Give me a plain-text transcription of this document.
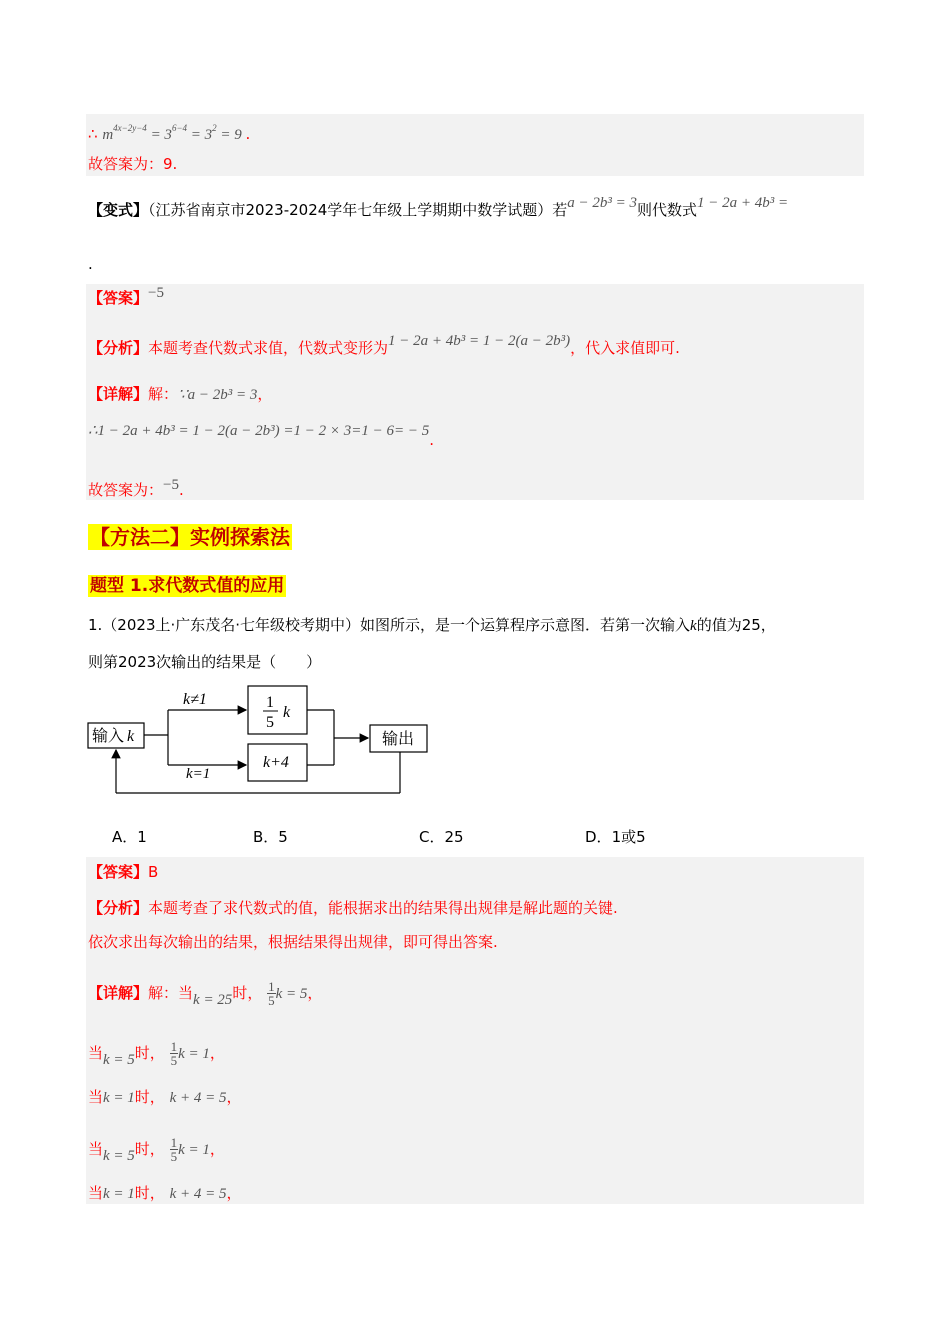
∴ $m^{4x-2y-4} = 3^{6-4} = 3^2 = 9$ .
故答案为：9.
【变式】（江苏省南京市2023-2024学年七年级上学期期中数学试题）若a − 2b³ = 3则代数式1 − 2a + 4b³ =
.
【答案】−5
【分析】本题考查代数式求值，代数式变形为1 − 2a + 4b³ = 1 − 2(a − 2b³)，代入求值即可.
【详解】解：∵a − 2b³ = 3，
∴1 − 2a + 4b³ = 1 − 2(a − 2b³) =1 − 2 × 3=1 − 6= − 5.
故答案为：−5.
【方法二】实例探索法
题型 1.求代数式值的应用
1.（2023上·广东茂名·七年级校考期中）如图所示，是一个运算程序示意图．若第一次输入k的值为25，
则第2023次输出的结果是（　　）
输入 k
k≠1
k=1
1
5
k
k+4
输出
A．1	B．5	C．25	D．1或5
【答案】B
【分析】本题考查了求代数式的值，能根据求出的结果得出规律是解此题的关键.
依次求出每次输出的结果，根据结果得出规律，即可得出答案.
【详解】解：当k = 25时， $\frac{1}{5}$ k = 5，
当k = 5时， $\frac{1}{5}$ k = 1，
当k = 1时， k + 4 = 5，
当k = 5时， $\frac{1}{5}$ k = 1，
当k = 1时， k + 4 = 5，
